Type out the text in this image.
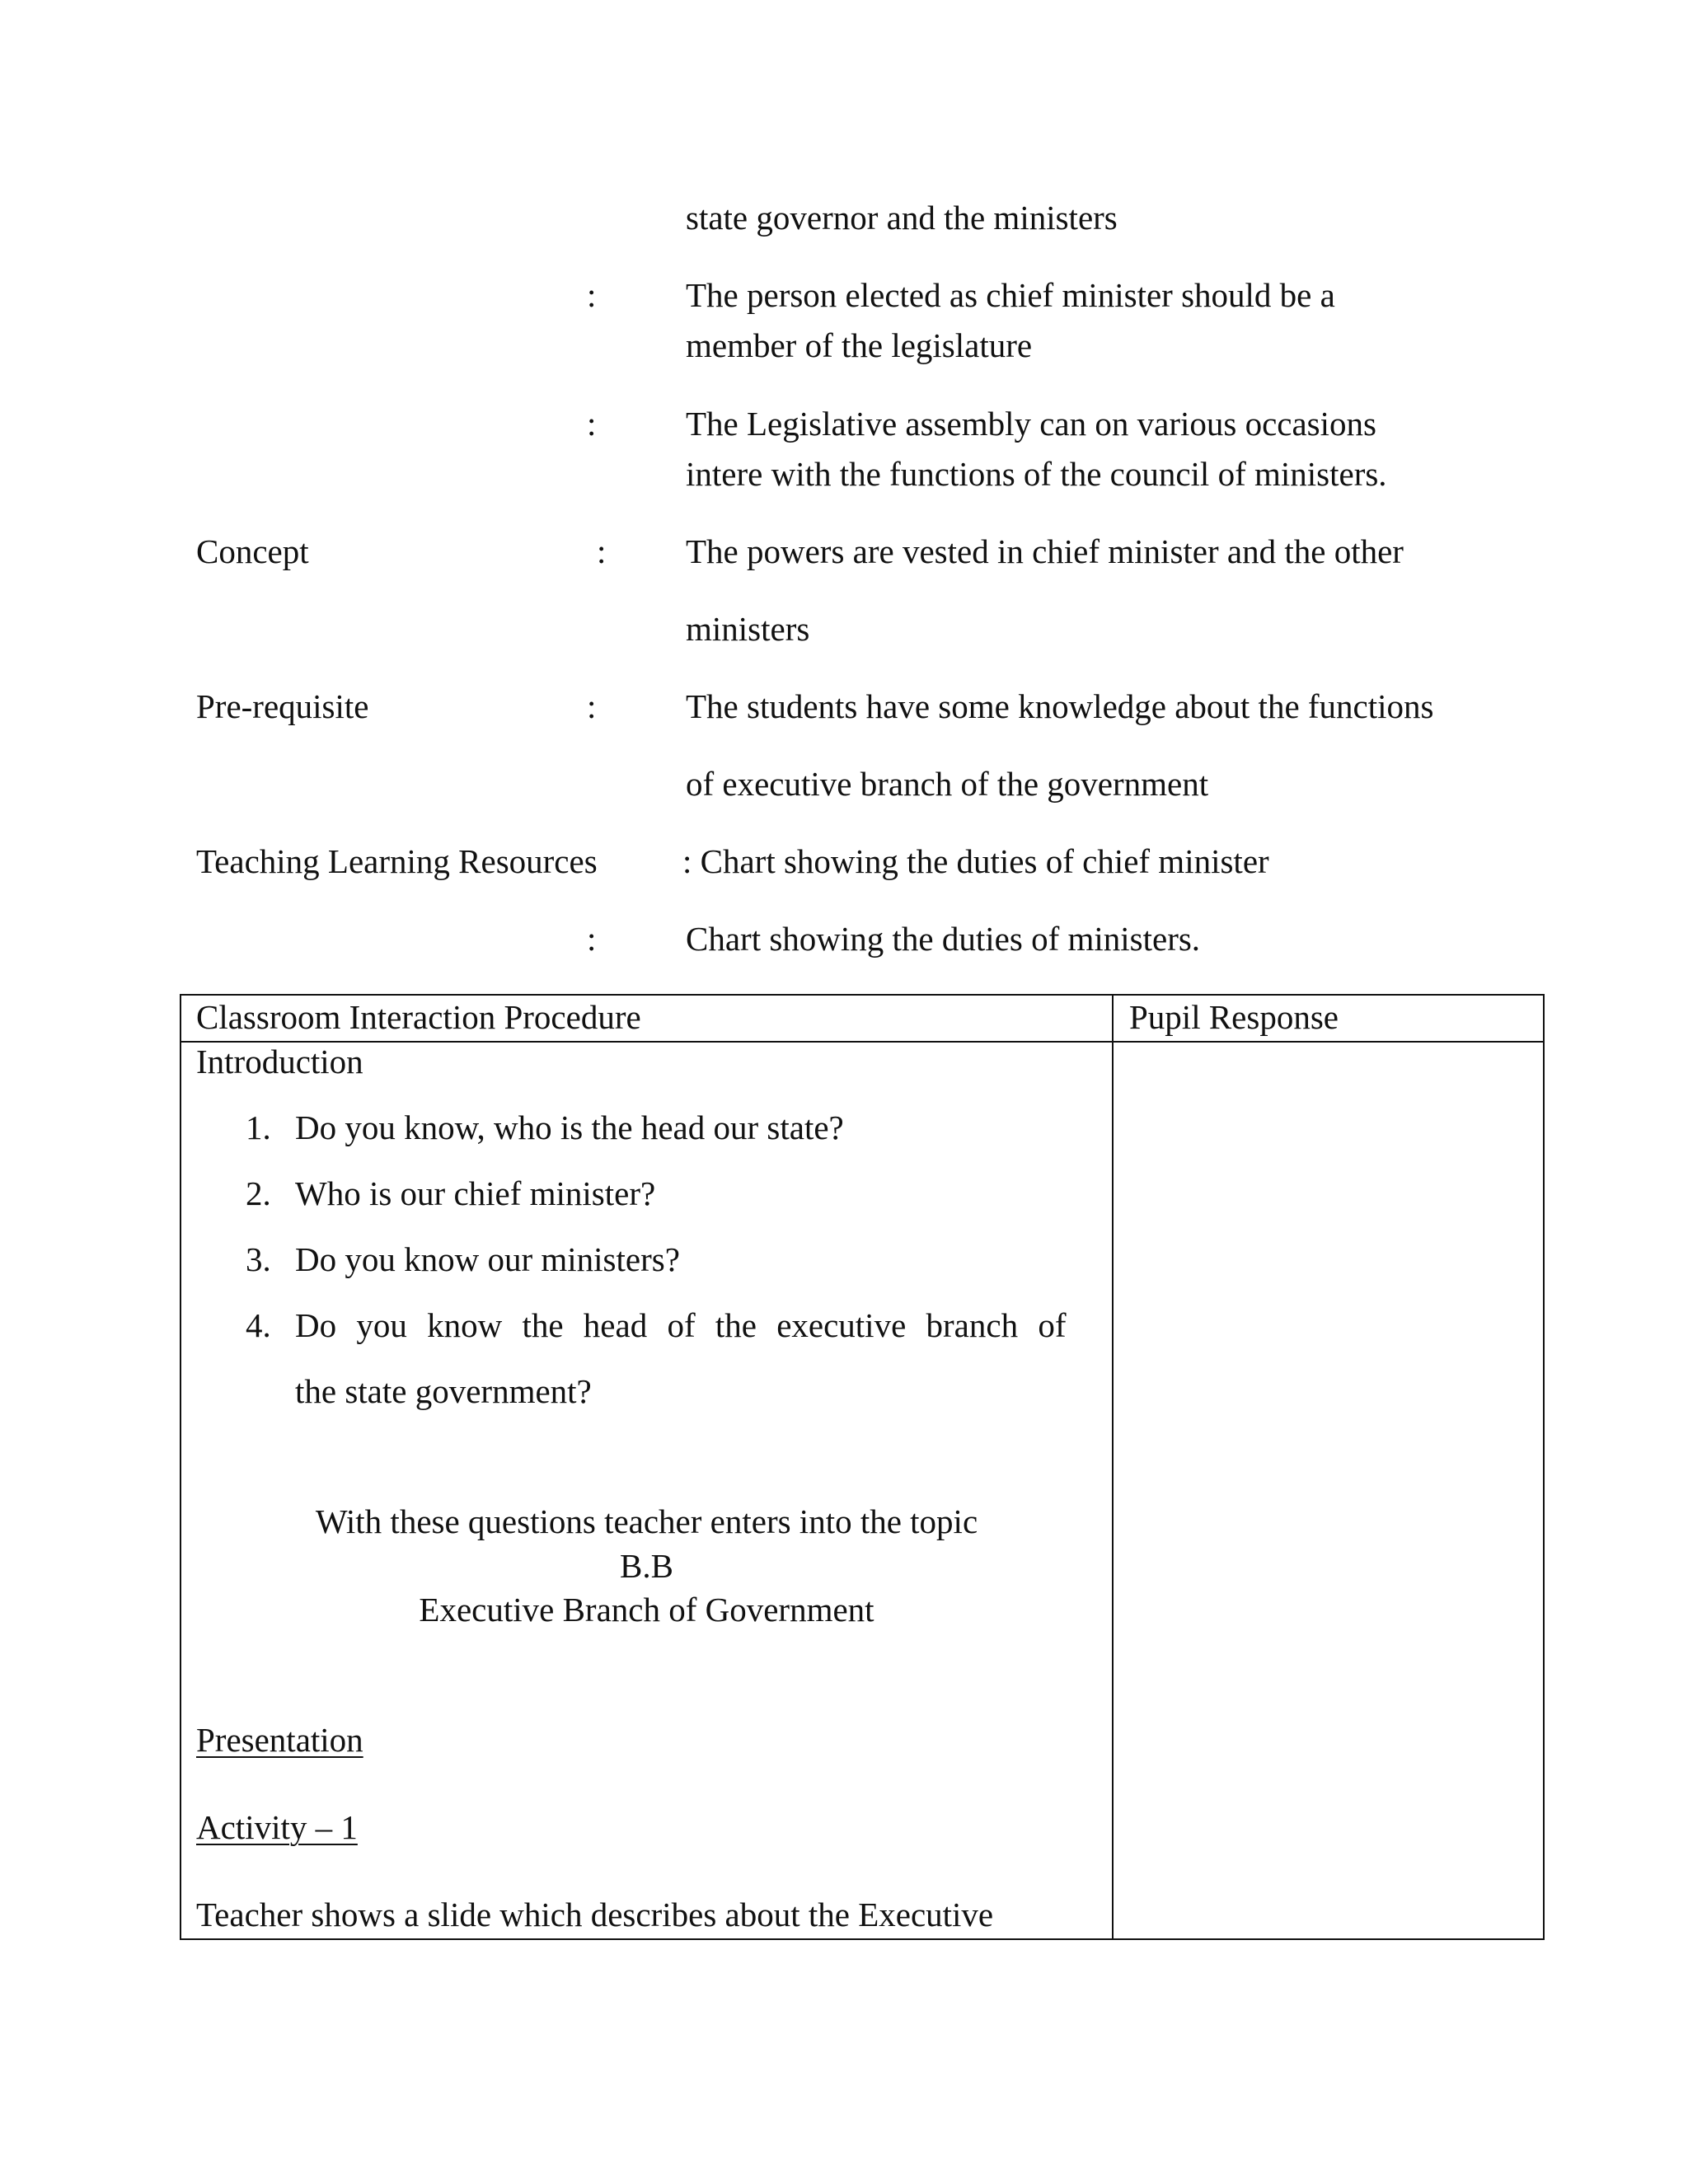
state governor and the ministers
:	The person elected as chief minister should be a
member of the legislature
:	The Legislative assembly can on various occasions
intere with the functions of the council of ministers.
Concept	: The powers are vested in chief minister and the other
ministers
Pre-requisite	:	The students have some knowledge about the functions
of executive branch of the government
Teaching Learning Resources	: Chart showing the duties of chief minister
:	Chart showing the duties of ministers.
Classroom Interaction Procedure	Pupil Response
Introduction
1. Do you know, who is the head our state?
2. Who is our chief minister?
3. Do you know our ministers?
4. Do you know the head of the executive branch of
the state government?
With these questions teacher enters into the topic
B.B
Executive Branch of Government
Presentation
Activity – 1
Teacher shows a slide which describes about the Executive
